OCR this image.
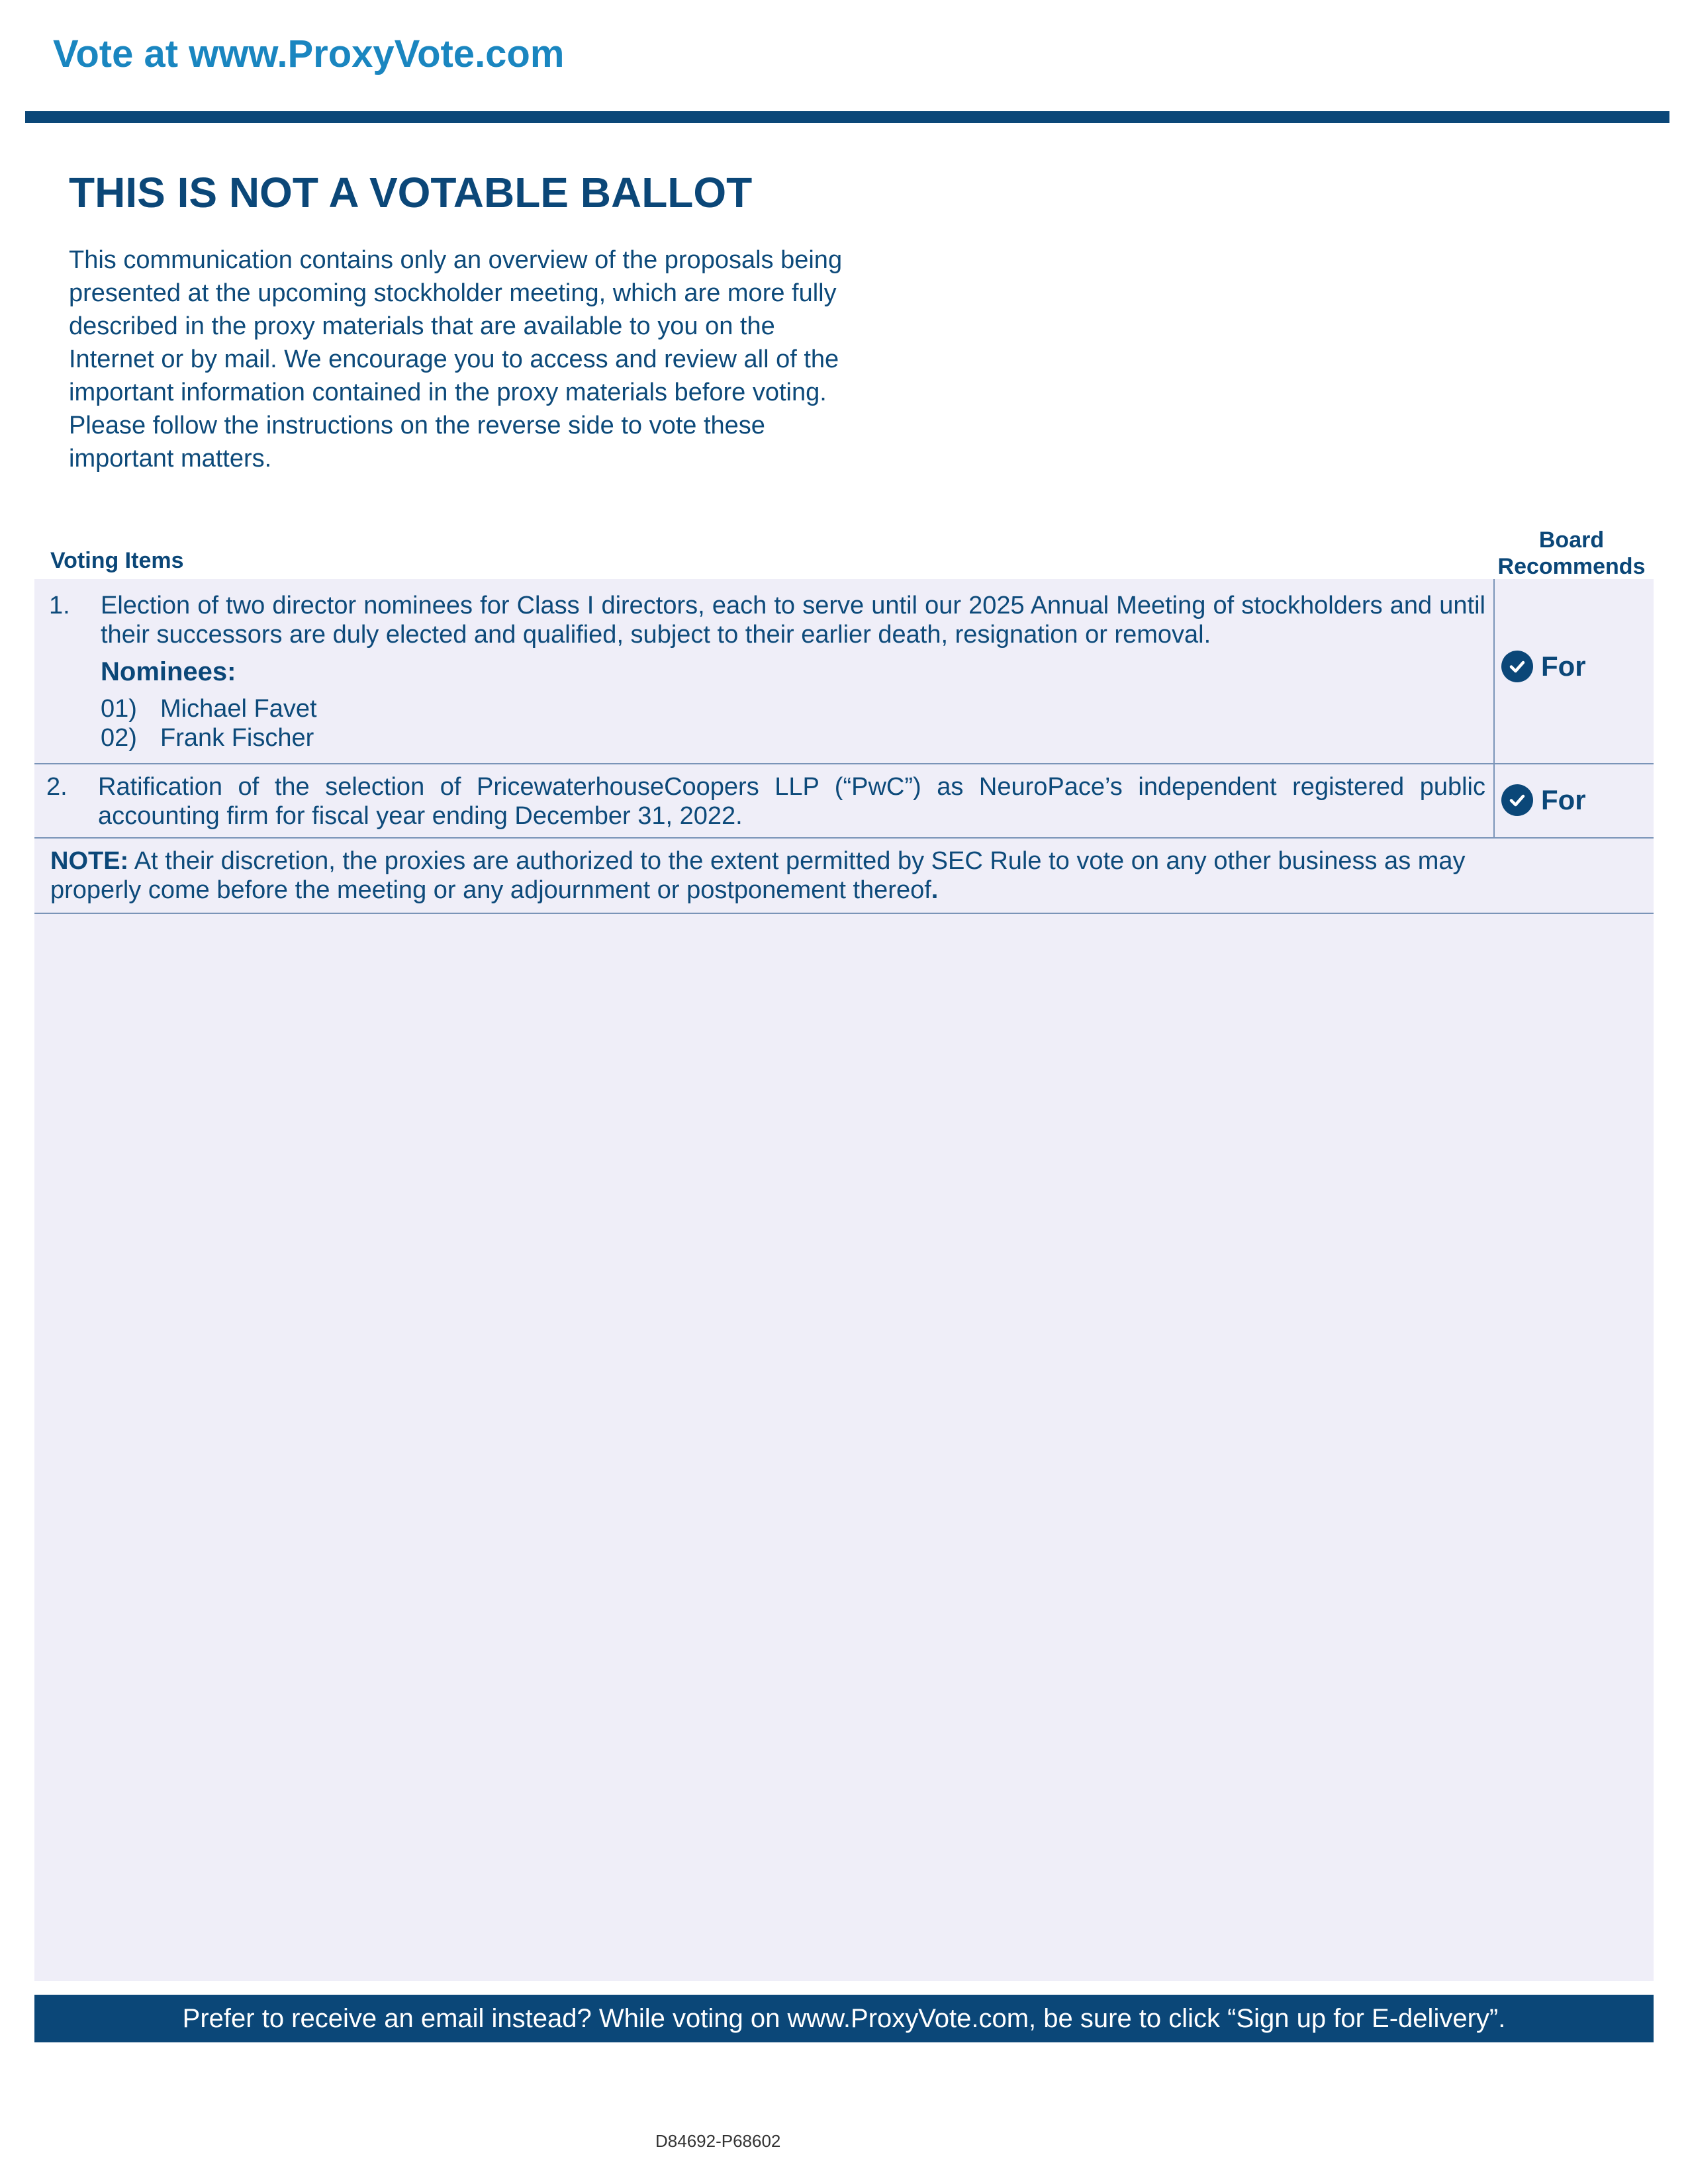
Vote at www.ProxyVote.com
THIS IS NOT A VOTABLE BALLOT
This communication contains only an overview of the proposals being presented at the upcoming stockholder meeting, which are more fully described in the proxy materials that are available to you on the Internet or by mail. We encourage you to access and review all of the important information contained in the proxy materials before voting. Please follow the instructions on the reverse side to vote these important matters.
Voting Items
Board
Recommends
1. Election of two director nominees for Class I directors, each to serve until our 2025 Annual Meeting of stockholders and until their successors are duly elected and qualified, subject to their earlier death, resignation or removal.
Nominees:
01) Michael Favet
02) Frank Fischer
For
2. Ratification of the selection of PricewaterhouseCoopers LLP (“PwC”) as NeuroPace’s independent registered public accounting firm for fiscal year ending December 31, 2022.
For
NOTE: At their discretion, the proxies are authorized to the extent permitted by SEC Rule to vote on any other business as may properly come before the meeting or any adjournment or postponement thereof.
Prefer to receive an email instead? While voting on www.ProxyVote.com, be sure to click “Sign up for E-delivery”.
D84692-P68602
